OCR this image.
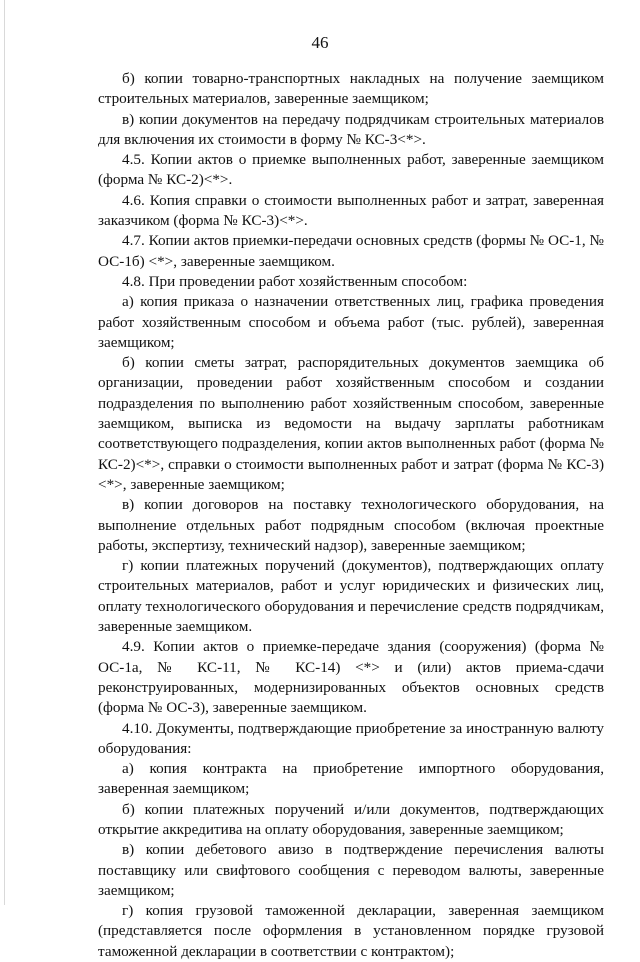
46

б) копии товарно-транспортных накладных на получение заемщиком строительных материалов, заверенные заемщиком;

в) копии документов на передачу подрядчикам строительных материалов для включения их стоимости в форму № КС-3<*>.

4.5. Копии актов о приемке выполненных работ, заверенные заемщиком (форма № КС-2)<*>.

4.6. Копия справки о стоимости выполненных работ и затрат, заверенная заказчиком (форма № КС-3)<*>.

4.7. Копии актов приемки-передачи основных средств (формы № ОС-1, № ОС-1б) <*>, заверенные заемщиком.

4.8. При проведении работ хозяйственным способом:

а) копия приказа о назначении ответственных лиц, графика проведения работ хозяйственным способом и объема работ (тыс. рублей), заверенная заемщиком;

б) копии сметы затрат, распорядительных документов заемщика об организации, проведении работ хозяйственным способом и создании подразделения по выполнению работ хозяйственным способом, заверенные заемщиком, выписка из ведомости на выдачу зарплаты работникам соответствующего подразделения, копии актов выполненных работ (форма № КС-2)<*>, справки о стоимости выполненных работ и затрат (форма № КС-3)<*>, заверенные заемщиком;

в) копии договоров на поставку технологического оборудования, на выполнение отдельных работ подрядным способом (включая проектные работы, экспертизу, технический надзор), заверенные заемщиком;

г) копии платежных поручений (документов), подтверждающих оплату строительных материалов, работ и услуг юридических и физических лиц, оплату технологического оборудования и перечисление средств подрядчикам, заверенные заемщиком.

4.9. Копии актов о приемке-передаче здания (сооружения) (форма № ОС-1а, № КС-11, № КС-14) <*> и (или) актов приема-сдачи реконструированных, модернизированных объектов основных средств (форма № ОС-3), заверенные заемщиком.

4.10. Документы, подтверждающие приобретение за иностранную валюту оборудования:

а) копия контракта на приобретение импортного оборудования, заверенная заемщиком;

б) копии платежных поручений и/или документов, подтверждающих открытие аккредитива на оплату оборудования, заверенные заемщиком;

в) копии дебетового авизо в подтверждение перечисления валюты поставщику или свифтового сообщения с переводом валюты, заверенные заемщиком;

г) копия грузовой таможенной декларации, заверенная заемщиком (представляется после оформления в установленном порядке грузовой таможенной декларации в соответствии с контрактом);
